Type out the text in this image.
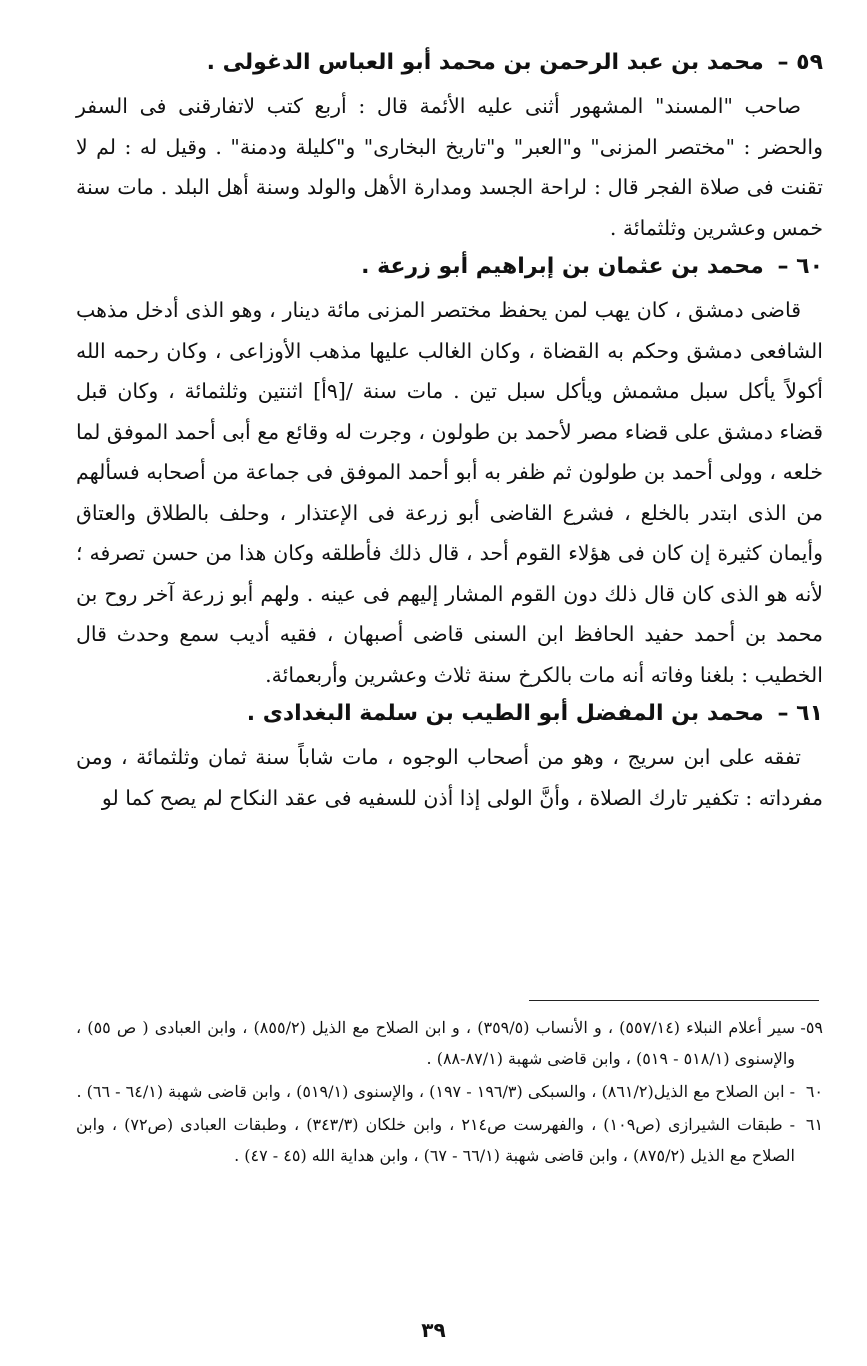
٥٩ – محمد بن عبد الرحمن بن محمد أبو العباس الدغولى .

صاحب "المسند" المشهور أثنى عليه الأئمة قال : أربع كتب لاتفارقنى فى السفر والحضر : "مختصر المزنى" و"العبر" و"تاريخ البخارى" و"كليلة ودمنة" . وقيل له : لم لا تقنت فى صلاة الفجر قال : لراحة الجسد ومدارة الأهل والولد وسنة أهل البلد . مات سنة خمس وعشرين وثلثمائة .

٦٠ – محمد بن عثمان بن إبراهيم أبو زرعة .

قاضى دمشق ، كان يهب لمن يحفظ مختصر المزنى مائة دينار ، وهو الذى أدخل مذهب الشافعى دمشق وحكم به القضاة ، وكان الغالب عليها مذهب الأوزاعى ، وكان رحمه الله أكولاً يأكل سبل مشمش ويأكل سبل تين . مات سنة /[٩أ] اثنتين وثلثمائة ، وكان قبل قضاء دمشق على قضاء مصر لأحمد بن طولون ، وجرت له وقائع مع أبى أحمد الموفق لما خلعه ، وولى أحمد بن طولون ثم ظفر به أبو أحمد الموفق فى جماعة من أصحابه فسألهم من الذى ابتدر بالخلع ، فشرع القاضى أبو زرعة فى الإعتذار ، وحلف بالطلاق والعتاق وأيمان كثيرة إن كان فى هؤلاء القوم أحد ، قال ذلك فأطلقه وكان هذا من حسن تصرفه ؛ لأنه هو الذى كان قال ذلك دون القوم المشار إليهم فى عينه . ولهم أبو زرعة آخر روح بن محمد بن أحمد حفيد الحافظ ابن السنى قاضى أصبهان ، فقيه أديب سمع وحدث قال الخطيب : بلغنا وفاته أنه مات بالكرخ سنة ثلاث وعشرين وأربعمائة.

٦١ – محمد بن المفضل أبو الطيب بن سلمة البغدادى .

تفقه على ابن سريج ، وهو من أصحاب الوجوه ، مات شاباً سنة ثمان وثلثمائة ، ومن مفرداته : تكفير تارك الصلاة ، وأنَّ الولى إذا أذن للسفيه فى عقد النكاح لم يصح كما لو

٥٩-سير أعلام النبلاء (٥٥٧/١٤) ، و الأنساب (٣٥٩/٥) ، و ابن الصلاح مع الذيل (٨٥٥/٢) ، وابن العبادى ( ص ٥٥) ، والإسنوى (٥١٨/١ - ٥١٩) ، وابن قاضى شهبة (٨٧/١-٨٨) .

٦٠- ابن الصلاح مع الذيل(٨٦١/٢) ، والسبكى (١٩٦/٣ - ١٩٧) ، والإسنوى (٥١٩/١) ، وابن قاضى شهبة (٦٤/١ - ٦٦) .

٦١- طبقات الشيرازى (ص١٠٩) ، والفهرست ص٢١٤ ، وابن خلكان (٣٤٣/٣) ، وطبقات العبادى (ص٧٢) ، وابن الصلاح مع الذيل (٨٧٥/٢) ، وابن قاضى شهبة (٦٦/١ - ٦٧) ، وابن هداية الله (٤٥ - ٤٧) .

٣٩
